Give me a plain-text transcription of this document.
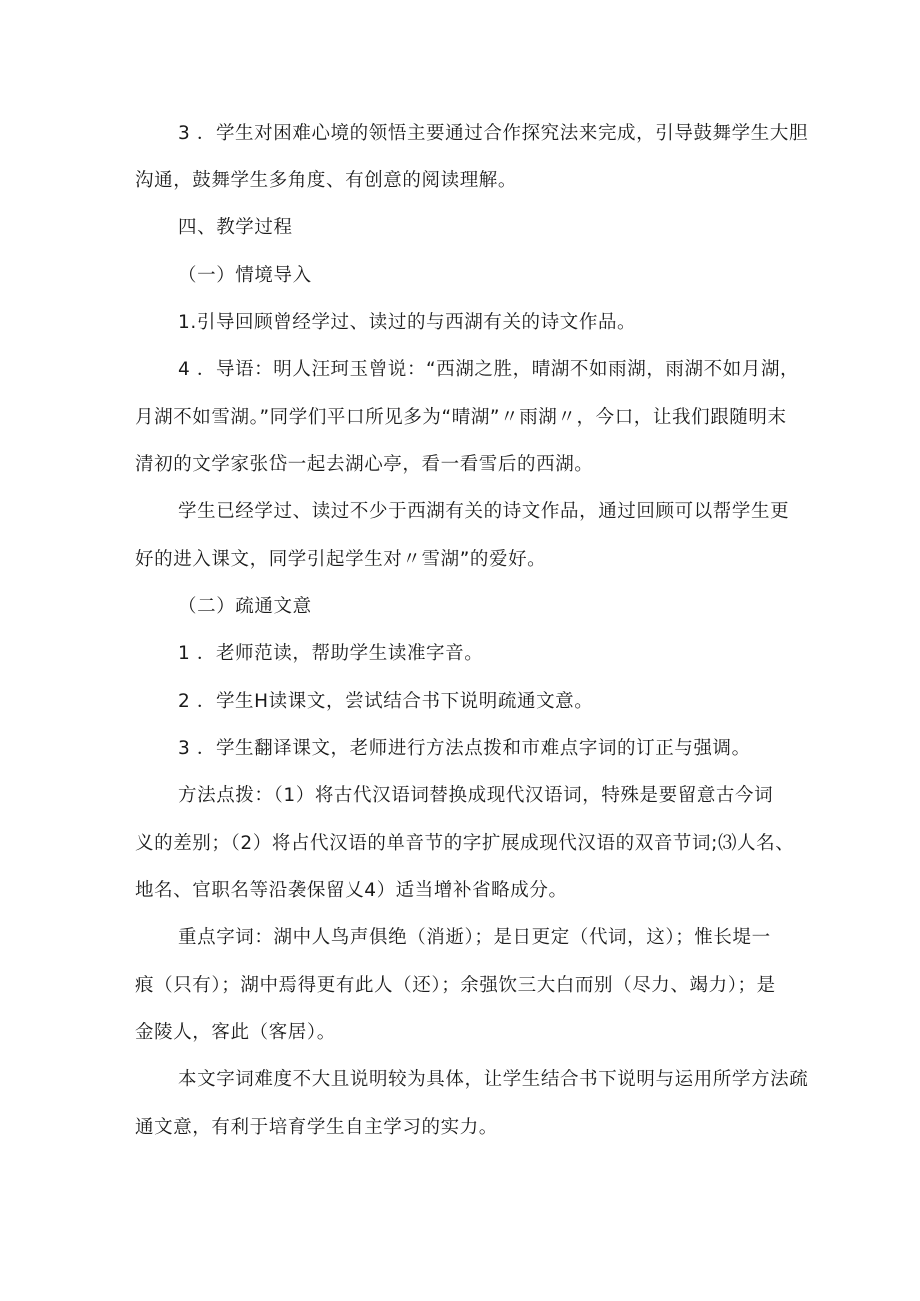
3 ．学生对困难心境的领悟主要通过合作探究法来完成，引导鼓舞学生大胆
沟通，鼓舞学生多角度、有创意的阅读理解。
四、教学过程
（一）情境导入
1.引导回顾曾经学过、读过的与西湖有关的诗文作品。
4 ．导语：明人汪珂玉曾说：“西湖之胜，晴湖不如雨湖，雨湖不如月湖，
月湖不如雪湖。”同学们平口所见多为“晴湖”〃雨湖〃，今口，让我们跟随明末
清初的文学家张岱一起去湖心亭，看一看雪后的西湖。
学生已经学过、读过不少于西湖有关的诗文作品，通过回顾可以帮学生更
好的进入课文，同学引起学生对〃雪湖”的爱好。
（二）疏通文意
1 ．老师范读，帮助学生读准字音。
2 ．学生H读课文，尝试结合书下说明疏通文意。
3 ．学生翻译课文，老师进行方法点拨和市难点字词的订正与强调。
方法点拨：（1）将古代汉语词替换成现代汉语词，特殊是要留意古今词
义的差别；（2）将占代汉语的单音节的字扩展成现代汉语的双音节词;⑶人名、
地名、官职名等沿袭保留乂4）适当增补省略成分。
重点字词：湖中人鸟声俱绝（消逝）；是日更定（代词，这）；惟长堤一
痕（只有）；湖中焉得更有此人（还）；余强饮三大白而别（尽力、竭力）；是
金陵人，客此（客居）。
本文字词难度不大且说明较为具体，让学生结合书下说明与运用所学方法疏
通文意，有利于培育学生自主学习的实力。
